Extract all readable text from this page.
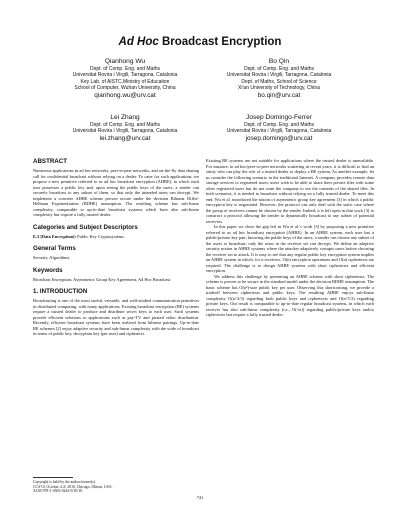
Ad Hoc Broadcast Encryption
Qianhong Wu
Dept. of Comp. Eng. and Maths
Universitat Rovira i Virgili, Tarragona, Catalonia
Key Lab. of AISTC,Ministry of Education
School of Computer, Wuhan University, China
qianhong.wu@urv.cat
Bo Qin
Dept. of Comp. Eng. and Maths
Universitat Rovira i Virgili, Tarragona, Catalonia
Dept. of Maths, School of Science
Xi'an University of Technology, China
bo.qin@urv.cat
Lei Zhang
Dept. of Comp. Eng. and Maths
Universitat Rovira i Virgili, Tarragona, Catalonia
lei.zhang@urv.cat
Josep Domingo-Ferrer
Dept. of Comp. Eng. and Maths
Universitat Rovira i Virgili, Tarragona, Catalonia
josep.domingo@urv.cat
ABSTRACT

Numerous applications in ad hoc networks, peer-to-peer networks, and on-the-fly data sharing call for confidential broadcast without relying on a dealer. To cater for such applications, we propose a new primitive referred to as ad hoc broadcast encryption (AHBE), in which each user possesses a public key and, upon seeing the public keys of the users, a sender can securely broadcast to any subset of them, so that only the intended users can decrypt. We implement a concrete AHBE scheme proven secure under the decision Bilinear Diffie-Hellman Exponentiation (BDHE) assumption. The resulting scheme has sub-linear complexity, comparable to up-to-date broadcast systems which have also sub-linear complexity but require a fully trusted dealer.

Categories and Subject Descriptors

E.3 [Data Encryption]: Public Key Cryptosystems

General Terms

Security, Algorithms

Keywords

Broadcast Encryption, Asymmetric Group Key Agreement, Ad Hoc Broadcast

1. INTRODUCTION

Broadcasting is one of the most useful, versatile, and well-studied communication primitives in distributed computing, with many applications. Existing broadcast encryption (BE) systems require a trusted dealer to produce and distribute secret keys to each user. Such systems provide efficient solutions to applications such as pay-TV and pirated video distribution. Recently, efficient broadcast systems have been realized from bilinear pairings. Up-to-date BE schemes [2] enjoy adaptive security and sub-linear complexity with the scale of broadcast in terms of public key, decryption key (per user) and ciphertext.

Copyright is held by the author/owner(s).
CCS'10, October 4–8, 2010, Chicago, Illinois, USA.
ACM 978-1-4503-0244-9/10/10.

Existing BE systems are not suitable for applications where the trusted dealer is unavailable. For instance, in ad hoc/peer-to-peer networks scattering in recent years, it is difficult to find an entity who can play the role of a trusted dealer to deploy a BE system. As another example, let us consider the following scenario in the traditional Internet. A company provides remote data storage services to registered users; users wish to be able to share their private files with some other registered users but do not want the company to see the contents of the shared files. In both scenarios, it is needed to broadcast without relying on a fully trusted dealer. To meet this end, Wu et al. introduced the notion of asymmetric group key agreement [3] in which a public encryption key is negotiated. However, the protocol can only deal with the static case where the group of receivers cannot be chosen by the sender. Indeed, it is left open in that work [3] to construct a protocol allowing the sender to dynamically broadcast to any subset of potential receivers.

In this paper we close the gap left in Wu et al.'s work [3] by proposing a new primitive referred to as ad hoc broadcast encryption (AHBE). In an AHBE system, each user has a public/private key pair; knowing the public keys of the users, a sender can choose any subset of the users to broadcast; only the users in the receiver set can decrypt. We define an adaptive security notion in AHBE systems where the attacker adaptively corrupts users before choosing the receiver set to attack. It is easy to see that any regular public key encryption system implies an AHBE system in which, for n receivers, O(n) encryption operations and O(n) ciphertexts are required. The challenge is to design AHBE systems with short ciphertexts and efficient encryption.

We address this challenge by presenting an AHBE scheme with short ciphertexts. The scheme is proven to be secure in the standard model under the decision BDHE assumption. The basic scheme has O(n²)-size public key per user. Observing this shortcoming, we provide a tradeoff between ciphertexts and public keys. The resulting AHBE enjoys sub-linear complexity O(n^2/3) regarding both public keys and ciphertexts and O(n^1/3) regarding private keys. Our result is comparable to up-to-date regular broadcast systems, in which each receiver has also sub-linear complexity (i.e., O(√n)) regarding public/private keys and/or ciphertexts but require a fully trusted dealer.

741
